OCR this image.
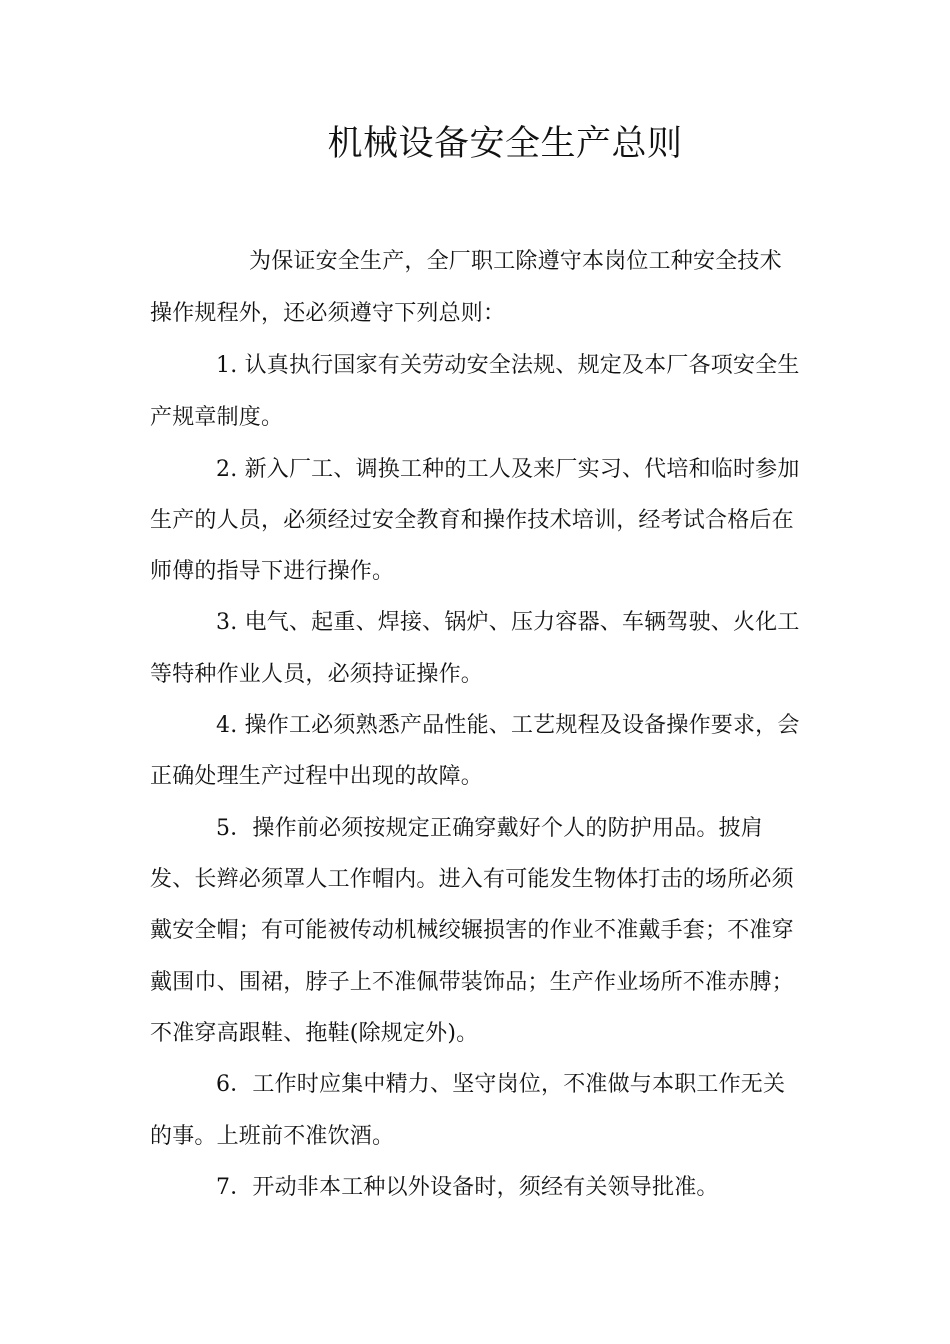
机械设备安全生产总则
为保证安全生产，全厂职工除遵守本岗位工种安全技术
操作规程外，还必须遵守下列总则：
1. 认真执行国家有关劳动安全法规、规定及本厂各项安全生
产规章制度。
2. 新入厂工、调换工种的工人及来厂实习、代培和临时参加
生产的人员，必须经过安全教育和操作技术培训，经考试合格后在
师傅的指导下进行操作。
3. 电气、起重、焊接、锅炉、压力容器、车辆驾驶、火化工
等特种作业人员，必须持证操作。
4. 操作工必须熟悉产品性能、工艺规程及设备操作要求，会
正确处理生产过程中出现的故障。
5．操作前必须按规定正确穿戴好个人的防护用品。披肩
发、长辫必须罩人工作帽内。进入有可能发生物体打击的场所必须
戴安全帽；有可能被传动机械绞辗损害的作业不准戴手套；不准穿
戴围巾、围裙，脖子上不准佩带装饰品；生产作业场所不准赤膊；
不准穿高跟鞋、拖鞋(除规定外)。
6．工作时应集中精力、坚守岗位，不准做与本职工作无关
的事。上班前不准饮酒。
7．开动非本工种以外设备时，须经有关领导批准。
